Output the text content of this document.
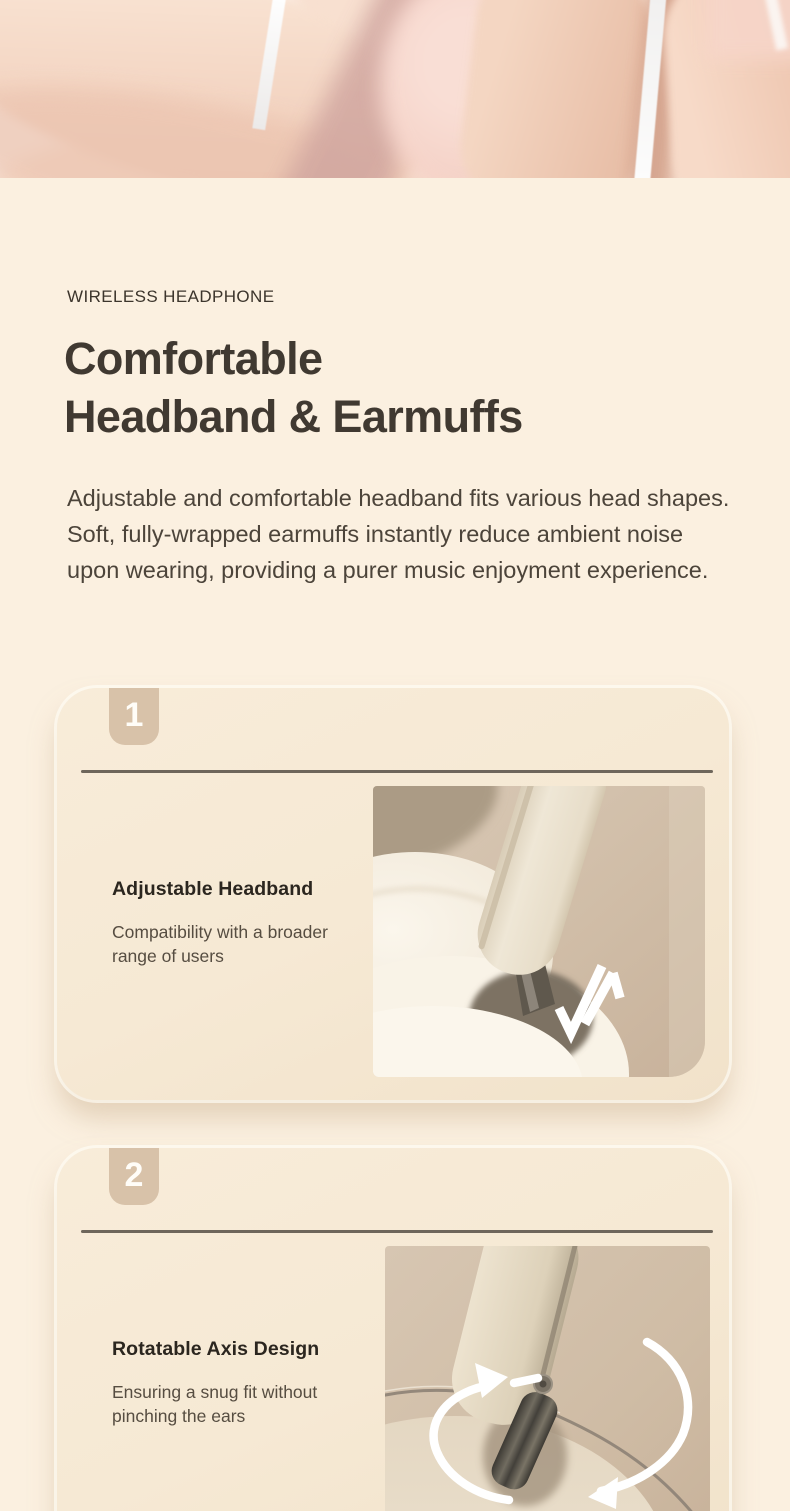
WIRELESS HEADPHONE
Comfortable
Headband & Earmuffs

Adjustable and comfortable headband fits various head shapes. Soft, fully-wrapped earmuffs instantly reduce ambient noise upon wearing, providing a purer music enjoyment experience.

1
Adjustable Headband

Compatibility with a broader range of users

2
Rotatable Axis Design

Ensuring a snug fit without pinching the ears
